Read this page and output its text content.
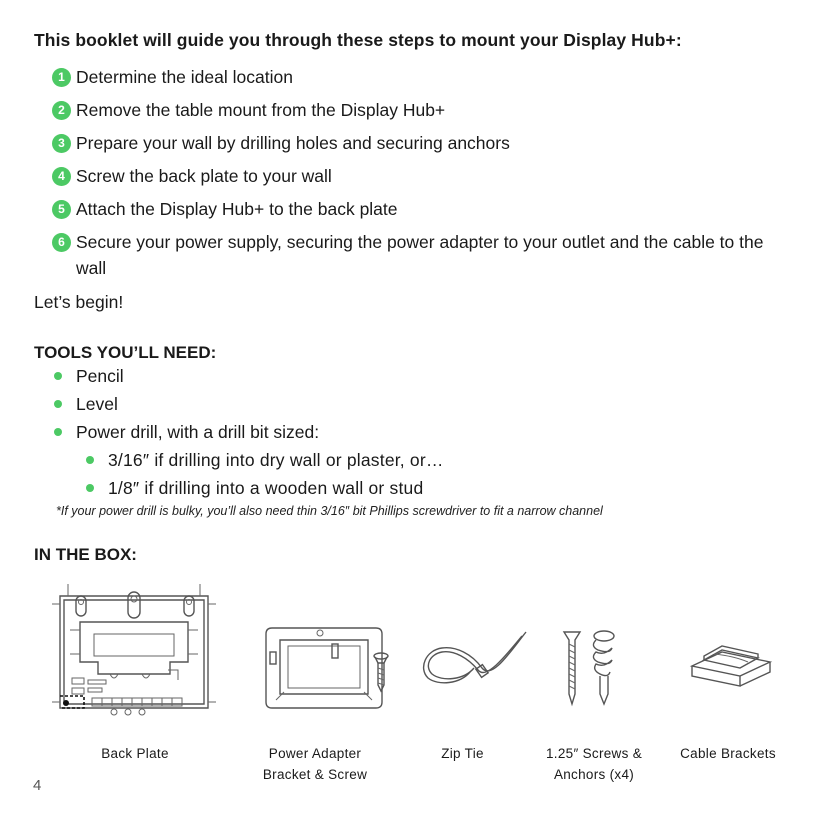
This booklet will guide you through these steps to mount your Display Hub+:
1 Determine the ideal location
2 Remove the table mount from the Display Hub+
3 Prepare your wall by drilling holes and securing anchors
4 Screw the back plate to your wall
5 Attach the Display Hub+ to the back plate
6 Secure your power supply, securing the power adapter to your outlet and the cable to the wall
Let’s begin!
TOOLS YOU’LL NEED:
Pencil
Level
Power drill, with a drill bit sized:
3/16″ if drilling into dry wall or plaster, or…
1/8″ if drilling into a wooden wall or stud
*If your power drill is bulky, you’ll also need thin 3/16″ bit Phillips screwdriver to fit a narrow channel
IN THE BOX:
Back Plate	Power Adapter
Bracket & Screw
Zip Tie	1.25″ Screws &
Anchors (x4)
Cable Brackets
4
